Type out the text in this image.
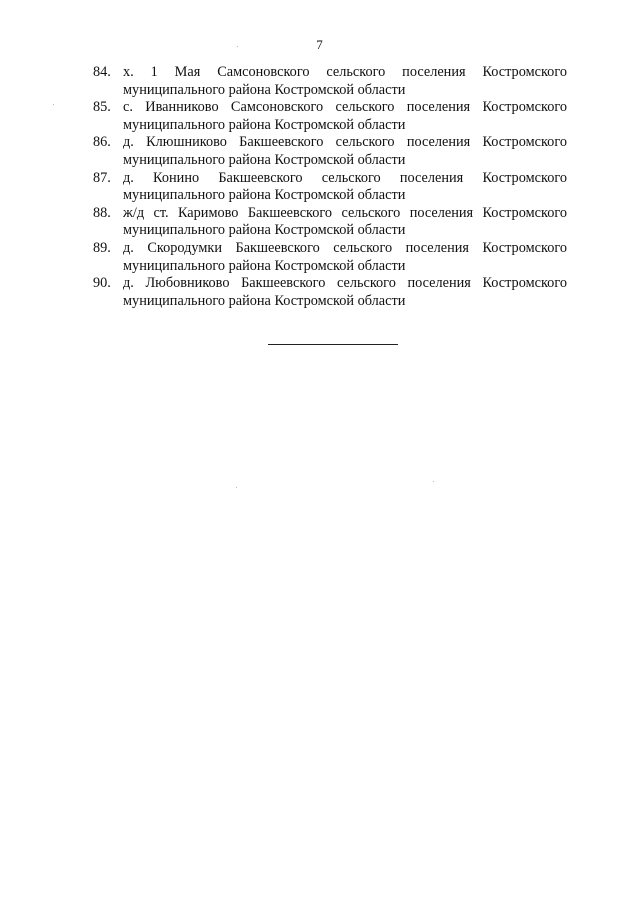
7
84. х. 1 Мая Самсоновского сельского поселения Костромского муниципального района Костромской области
85. с. Иванниково Самсоновского сельского поселения Костромского муниципального района Костромской области
86. д. Клюшниково Бакшеевского сельского поселения Костромского муниципального района Костромской области
87. д. Конино Бакшеевского сельского поселения Костромского муниципального района Костромской области
88. ж/д ст. Каримово Бакшеевского сельского поселения Костромского муниципального района Костромской области
89. д. Скородумки Бакшеевского сельского поселения Костромского муниципального района Костромской области
90. д. Любовниково Бакшеевского сельского поселения Костромского муниципального района Костромской области
